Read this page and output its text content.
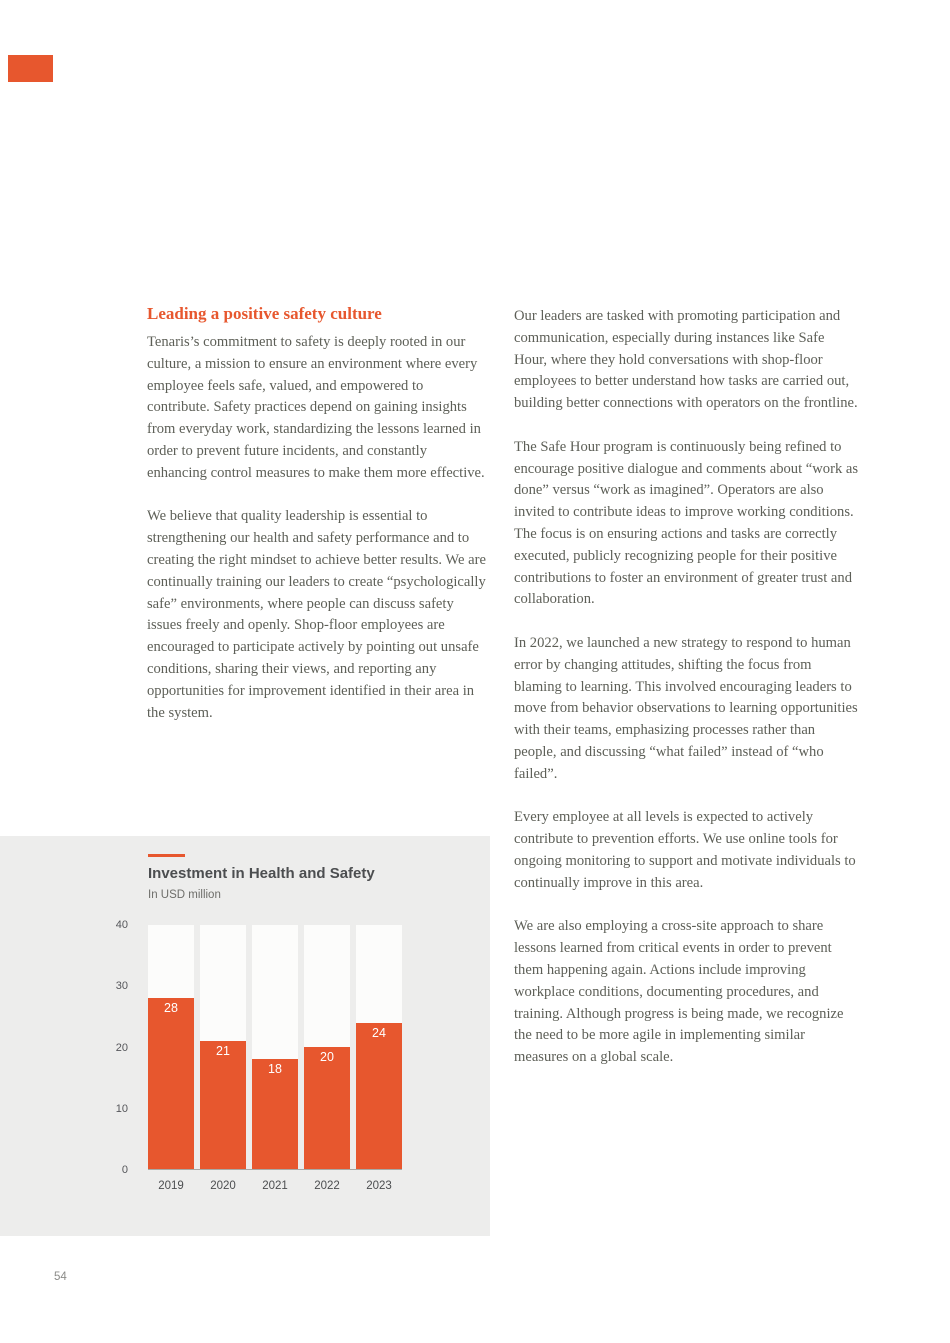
Leading a positive safety culture

Tenaris’s commitment to safety is deeply rooted in our culture, a mission to ensure an environment where every employee feels safe, valued, and empowered to contribute. Safety practices depend on gaining insights from everyday work, standardizing the lessons learned in order to prevent future incidents, and constantly enhancing control measures to make them more effective.

We believe that quality leadership is essential to strengthening our health and safety performance and to creating the right mindset to achieve better results. We are continually training our leaders to create “psychologically safe” environments, where people can discuss safety issues freely and openly. Shop-floor employees are encouraged to participate actively by pointing out unsafe conditions, sharing their views, and reporting any opportunities for improvement identified in their area in the system.

Our leaders are tasked with promoting participation and communication, especially during instances like Safe Hour, where they hold conversations with shop-floor employees to better understand how tasks are carried out, building better connections with operators on the frontline.

The Safe Hour program is continuously being refined to encourage positive dialogue and comments about “work as done” versus “work as imagined”. Operators are also invited to contribute ideas to improve working conditions. The focus is on ensuring actions and tasks are correctly executed, publicly recognizing people for their positive contributions to foster an environment of greater trust and collaboration.

In 2022, we launched a new strategy to respond to human error by changing attitudes, shifting the focus from blaming to learning. This involved encouraging leaders to move from behavior observations to learning opportunities with their teams, emphasizing processes rather than people, and discussing “what failed” instead of “who failed”.

Every employee at all levels is expected to actively contribute to prevention efforts. We use online tools for ongoing monitoring to support and motivate individuals to continually improve in this area.

We are also employing a cross-site approach to share lessons learned from critical events in order to prevent them happening again. Actions include improving workplace conditions, documenting procedures, and training. Although progress is being made, we recognize the need to be more agile in implementing similar measures on a global scale.

Investment in Health and Safety
In USD million
0
10
20
30
40
28
21
18
20
24
2019	2020	2021	2022	2023
54
